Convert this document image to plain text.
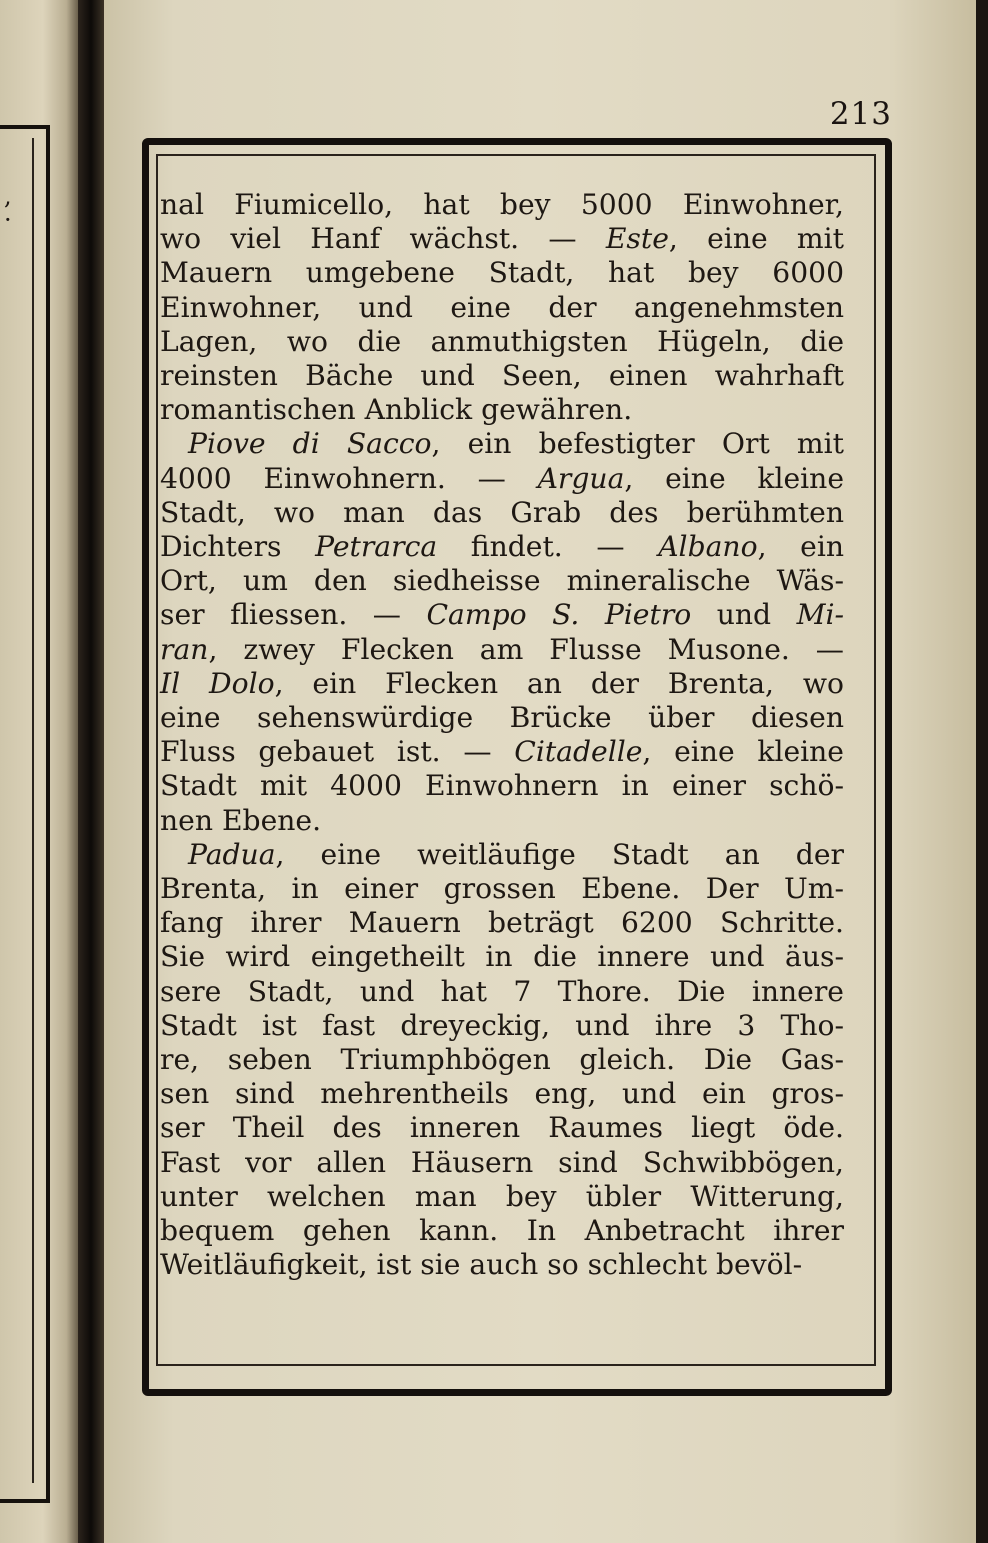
,
·
213
nal Fiumicello, hat bey 5000 Einwohner,
wo viel Hanf wächst. — Este, eine mit
Mauern umgebene Stadt, hat bey 6000
Einwohner, und eine der angenehmsten
Lagen, wo die anmuthigsten Hügeln, die
reinsten Bäche und Seen, einen wahrhaft
romantischen Anblick gewähren.
Piove di Sacco, ein befestigter Ort mit
4000 Einwohnern. — Argua, eine kleine
Stadt, wo man das Grab des berühmten
Dichters Petrarca findet. — Albano, ein
Ort, um den siedheisse mineralische Wäs-
ser fliessen. — Campo S. Pietro und Mi-
ran, zwey Flecken am Flusse Musone. —
Il Dolo, ein Flecken an der Brenta, wo
eine sehenswürdige Brücke über diesen
Fluss gebauet ist. — Citadelle, eine kleine
Stadt mit 4000 Einwohnern in einer schö-
nen Ebene.
Padua, eine weitläufige Stadt an der
Brenta, in einer grossen Ebene. Der Um-
fang ihrer Mauern beträgt 6200 Schritte.
Sie wird eingetheilt in die innere und äus-
sere Stadt, und hat 7 Thore. Die innere
Stadt ist fast dreyeckig, und ihre 3 Tho-
re, seben Triumphbögen gleich. Die Gas-
sen sind mehrentheils eng, und ein gros-
ser Theil des inneren Raumes liegt öde.
Fast vor allen Häusern sind Schwibbögen,
unter welchen man bey übler Witterung,
bequem gehen kann. In Anbetracht ihrer
Weitläufigkeit, ist sie auch so schlecht bevöl-
